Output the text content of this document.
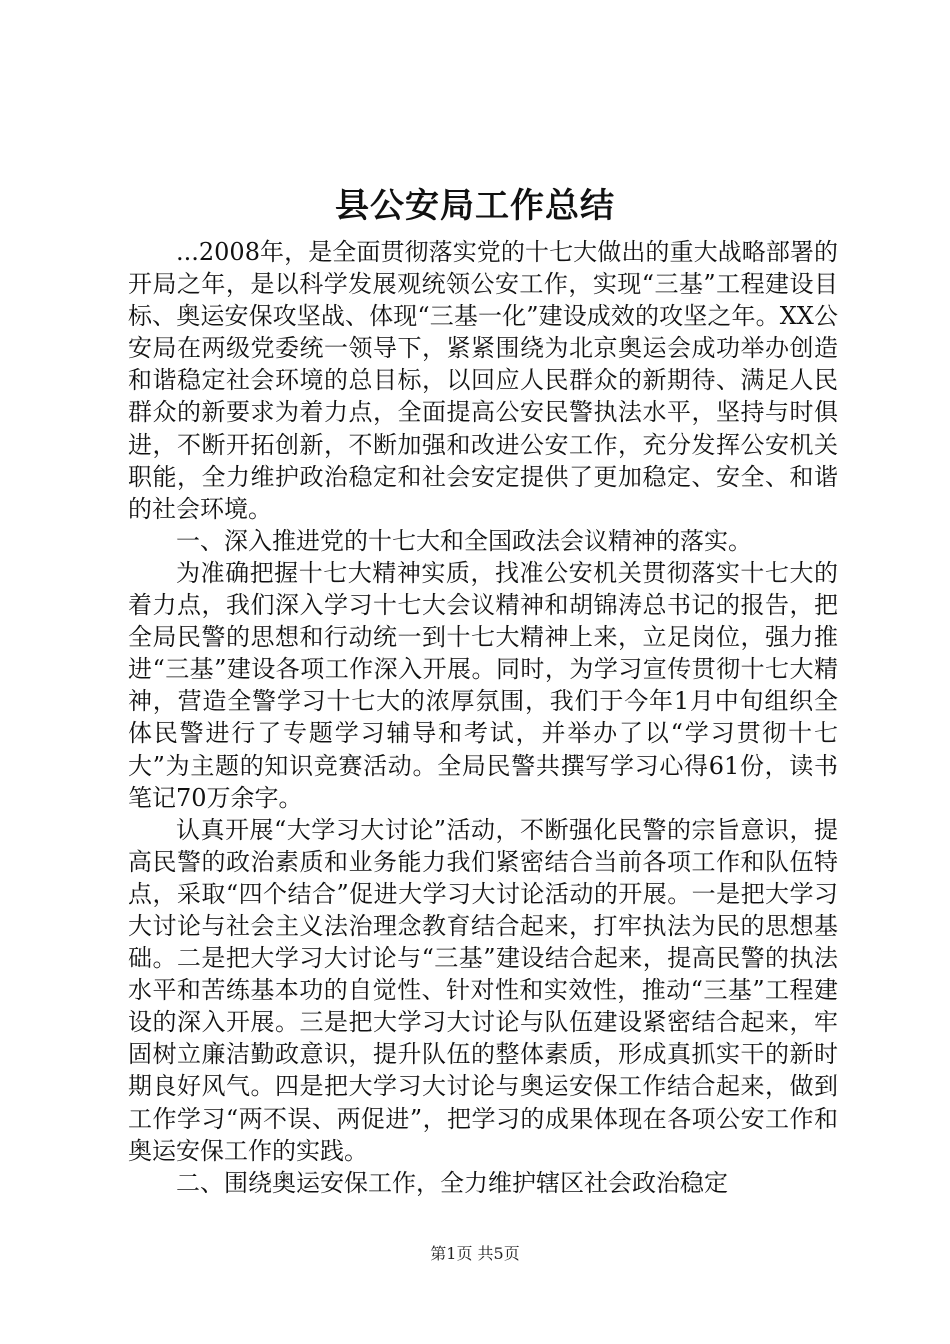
县公安局工作总结

...2008年，是全面贯彻落实党的十七大做出的重大战略部署的开局之年，是以科学发展观统领公安工作，实现“三基”工程建设目标、奥运安保攻坚战、体现“三基一化”建设成效的攻坚之年。XX公安局在两级党委统一领导下，紧紧围绕为北京奥运会成功举办创造和谐稳定社会环境的总目标，以回应人民群众的新期待、满足人民群众的新要求为着力点，全面提高公安民警执法水平，坚持与时俱进，不断开拓创新，不断加强和改进公安工作，充分发挥公安机关职能，全力维护政治稳定和社会安定提供了更加稳定、安全、和谐的社会环境。

一、深入推进党的十七大和全国政法会议精神的落实。

为准确把握十七大精神实质，找准公安机关贯彻落实十七大的着力点，我们深入学习十七大会议精神和胡锦涛总书记的报告，把全局民警的思想和行动统一到十七大精神上来，立足岗位，强力推进“三基”建设各项工作深入开展。同时，为学习宣传贯彻十七大精神，营造全警学习十七大的浓厚氛围，我们于今年1月中旬组织全体民警进行了专题学习辅导和考试，并举办了以“学习贯彻十七大”为主题的知识竞赛活动。全局民警共撰写学习心得61份，读书笔记70万余字。

认真开展“大学习大讨论”活动，不断强化民警的宗旨意识，提高民警的政治素质和业务能力我们紧密结合当前各项工作和队伍特点，采取“四个结合”促进大学习大讨论活动的开展。一是把大学习大讨论与社会主义法治理念教育结合起来，打牢执法为民的思想基础。二是把大学习大讨论与“三基”建设结合起来，提高民警的执法水平和苦练基本功的自觉性、针对性和实效性，推动“三基”工程建设的深入开展。三是把大学习大讨论与队伍建设紧密结合起来，牢固树立廉洁勤政意识，提升队伍的整体素质，形成真抓实干的新时期良好风气。四是把大学习大讨论与奥运安保工作结合起来，做到工作学习“两不误、两促进”，把学习的成果体现在各项公安工作和奥运安保工作的实践。

二、围绕奥运安保工作，全力维护辖区社会政治稳定

第1页 共5页
